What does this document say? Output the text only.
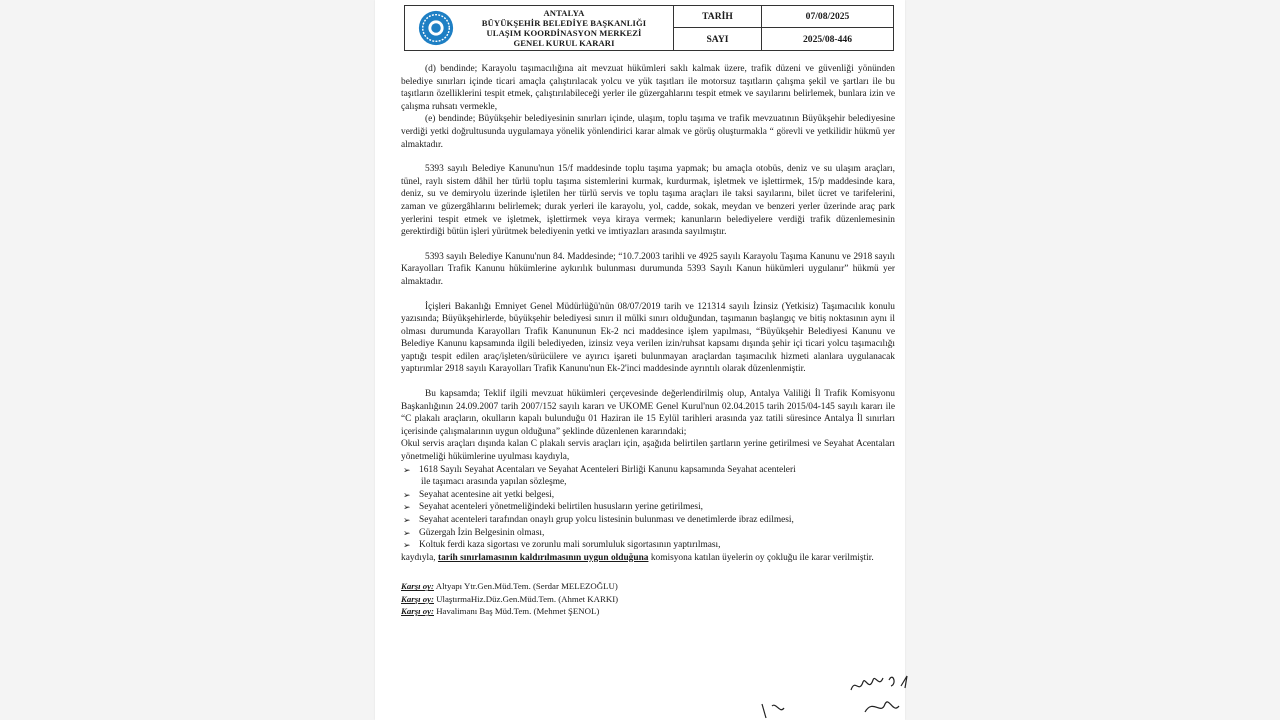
ANTALYA
BÜYÜKŞEHİR BELEDİYE BAŞKANLIĞI
ULAŞIM KOORDİNASYON MERKEZİ
GENEL KURUL KARARI
TARİH	07/08/2025
SAYI	2025/08-446

(d) bendinde; Karayolu taşımacılığına ait mevzuat hükümleri saklı kalmak üzere, trafik düzeni ve güvenliği yönünden belediye sınırları içinde ticari amaçla çalıştırılacak yolcu ve yük taşıtları ile motorsuz taşıtların çalışma şekil ve şartları ile bu taşıtların özelliklerini tespit etmek, çalıştırılabileceği yerler ile güzergahlarını tespit etmek ve sayılarını belirlemek, bunlara izin ve çalışma ruhsatı vermekle,

(e) bendinde; Büyükşehir belediyesinin sınırları içinde, ulaşım, toplu taşıma ve trafik mevzuatının Büyükşehir belediyesine verdiği yetki doğrultusunda uygulamaya yönelik yönlendirici karar almak ve görüş oluşturmakla “ görevli ve yetkilidir hükmü yer almaktadır.

5393 sayılı Belediye Kanunu'nun 15/f maddesinde toplu taşıma yapmak; bu amaçla otobüs, deniz ve su ulaşım araçları, tünel, raylı sistem dâhil her türlü toplu taşıma sistemlerini kurmak, kurdurmak, işletmek ve işlettirmek, 15/p maddesinde kara, deniz, su ve demiryolu üzerinde işletilen her türlü servis ve toplu taşıma araçları ile taksi sayılarını, bilet ücret ve tarifelerini, zaman ve güzergâhlarını belirlemek; durak yerleri ile karayolu, yol, cadde, sokak, meydan ve benzeri yerler üzerinde araç park yerlerini tespit etmek ve işletmek, işlettirmek veya kiraya vermek; kanunların belediyelere verdiği trafik düzenlemesinin gerektirdiği bütün işleri yürütmek belediyenin yetki ve imtiyazları arasında sayılmıştır.

5393 sayılı Belediye Kanunu'nun 84. Maddesinde; “10.7.2003 tarihli ve 4925 sayılı Karayolu Taşıma Kanunu ve 2918 sayılı Karayolları Trafik Kanunu hükümlerine aykırılık bulunması durumunda 5393 Sayılı Kanun hükümleri uygulanır” hükmü yer almaktadır.

İçişleri Bakanlığı Emniyet Genel Müdürlüğü'nün 08/07/2019 tarih ve 121314 sayılı İzinsiz (Yetkisiz) Taşımacılık konulu yazısında; Büyükşehirlerde, büyükşehir belediyesi sınırı il mülki sınırı olduğundan, taşımanın başlangıç ve bitiş noktasının aynı il olması durumunda Karayolları Trafik Kanununun Ek-2 nci maddesince işlem yapılması, “Büyükşehir Belediyesi Kanunu ve Belediye Kanunu kapsamında ilgili belediyeden, izinsiz veya verilen izin/ruhsat kapsamı dışında şehir içi ticari yolcu taşımacılığı yaptığı tespit edilen araç/işleten/sürücülere ve ayırıcı işareti bulunmayan araçlardan taşımacılık hizmeti alanlara uygulanacak yaptırımlar 2918 sayılı Karayolları Trafik Kanunu'nun Ek-2'inci maddesinde ayrıntılı olarak düzenlenmiştir.

Bu kapsamda; Teklif ilgili mevzuat hükümleri çerçevesinde değerlendirilmiş olup, Antalya Valiliği İl Trafik Komisyonu Başkanlığının 24.09.2007 tarih 2007/152 sayılı kararı ve UKOME Genel Kurul'nun 02.04.2015 tarih 2015/04-145 sayılı kararı ile “C plakalı araçların, okulların kapalı bulunduğu 01 Haziran ile 15 Eylül tarihleri arasında yaz tatili süresince Antalya İl sınırları içerisinde çalışmalarının uygun olduğuna” şeklinde düzenlenen kararındaki;

Okul servis araçları dışında kalan C plakalı servis araçları için, aşağıda belirtilen şartların yerine getirilmesi ve Seyahat Acentaları yönetmeliği hükümlerine uyulması kaydıyla,

➢ 1618 Sayılı Seyahat Acentaları ve Seyahat Acenteleri Birliği Kanunu kapsamında Seyahat acenteleri
ile taşımacı arasında yapılan sözleşme,
➢ Seyahat acentesine ait yetki belgesi,
➢ Seyahat acenteleri yönetmeliğindeki belirtilen hususların yerine getirilmesi,
➢ Seyahat acenteleri tarafından onaylı grup yolcu listesinin bulunması ve denetimlerde ibraz edilmesi,
➢ Güzergah İzin Belgesinin olması,
➢ Koltuk ferdi kaza sigortası ve zorunlu mali sorumluluk sigortasının yaptırılması,

kaydıyla, tarih sınırlamasının kaldırılmasının uygun olduğuna komisyona katılan üyelerin oy çokluğu ile karar verilmiştir.

Karşı oy: Altyapı Ytr.Gen.Müd.Tem. (Serdar MELEZOĞLU)
Karşı oy: UlaştırmaHiz.Düz.Gen.Müd.Tem. (Ahmet KARKI)
Karşı oy: Havalimanı Baş Müd.Tem. (Mehmet ŞENOL)
